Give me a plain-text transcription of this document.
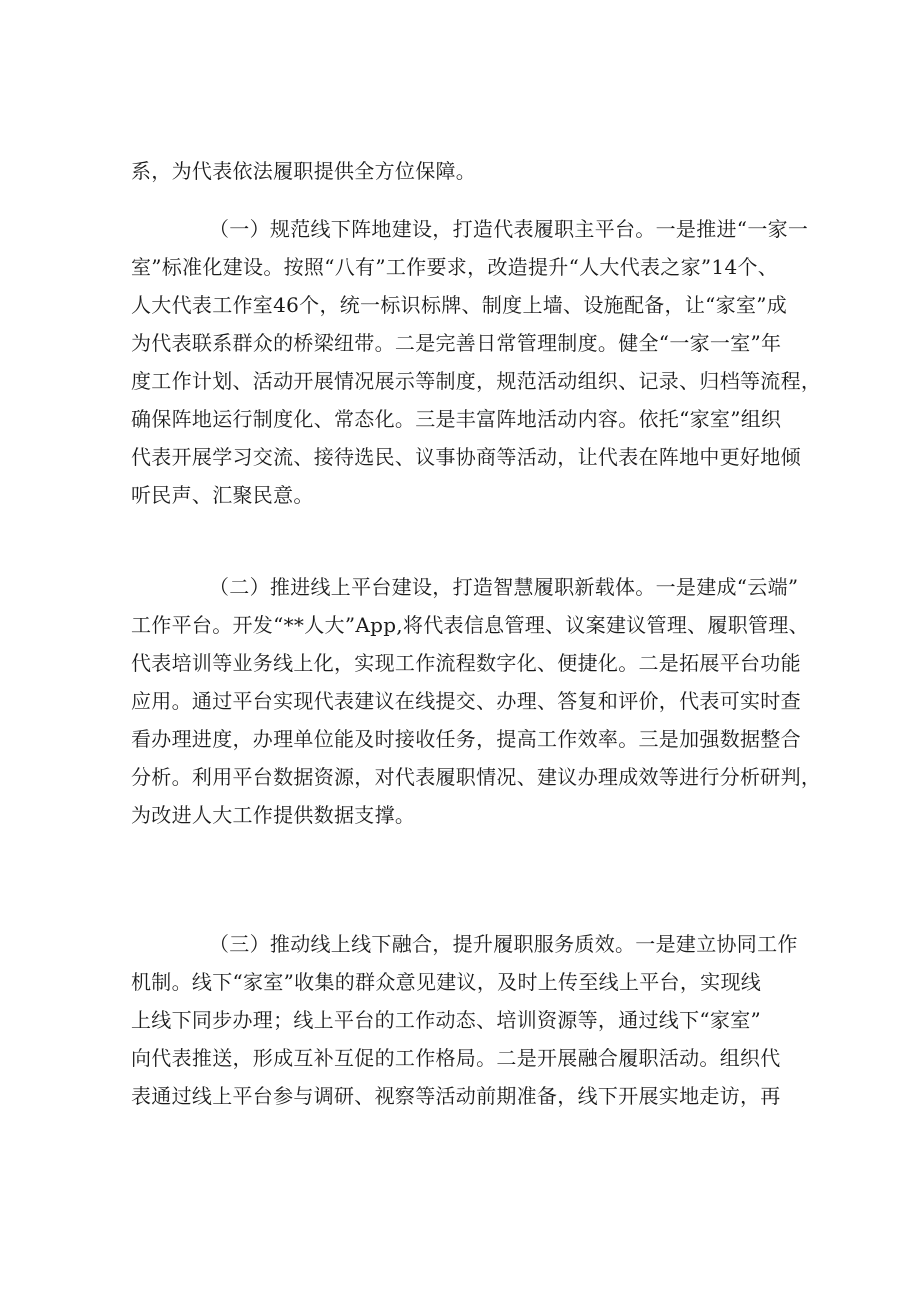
系，为代表依法履职提供全方位保障。
（一）规范线下阵地建设，打造代表履职主平台。一是推进“一家一
室”标准化建设。按照“八有”工作要求，改造提升“人大代表之家”14个、
人大代表工作室46个，统一标识标牌、制度上墙、设施配备，让“家室”成
为代表联系群众的桥梁纽带。二是完善日常管理制度。健全“一家一室”年
度工作计划、活动开展情况展示等制度，规范活动组织、记录、归档等流程，
确保阵地运行制度化、常态化。三是丰富阵地活动内容。依托“家室”组织
代表开展学习交流、接待选民、议事协商等活动，让代表在阵地中更好地倾
听民声、汇聚民意。
（二）推进线上平台建设，打造智慧履职新载体。一是建成“云端”
工作平台。开发“**人大”App,将代表信息管理、议案建议管理、履职管理、
代表培训等业务线上化，实现工作流程数字化、便捷化。二是拓展平台功能
应用。通过平台实现代表建议在线提交、办理、答复和评价，代表可实时查
看办理进度，办理单位能及时接收任务，提高工作效率。三是加强数据整合
分析。利用平台数据资源，对代表履职情况、建议办理成效等进行分析研判，
为改进人大工作提供数据支撑。
（三）推动线上线下融合，提升履职服务质效。一是建立协同工作
机制。线下“家室”收集的群众意见建议，及时上传至线上平台，实现线
上线下同步办理；线上平台的工作动态、培训资源等，通过线下“家室”
向代表推送，形成互补互促的工作格局。二是开展融合履职活动。组织代
表通过线上平台参与调研、视察等活动前期准备，线下开展实地走访，再
